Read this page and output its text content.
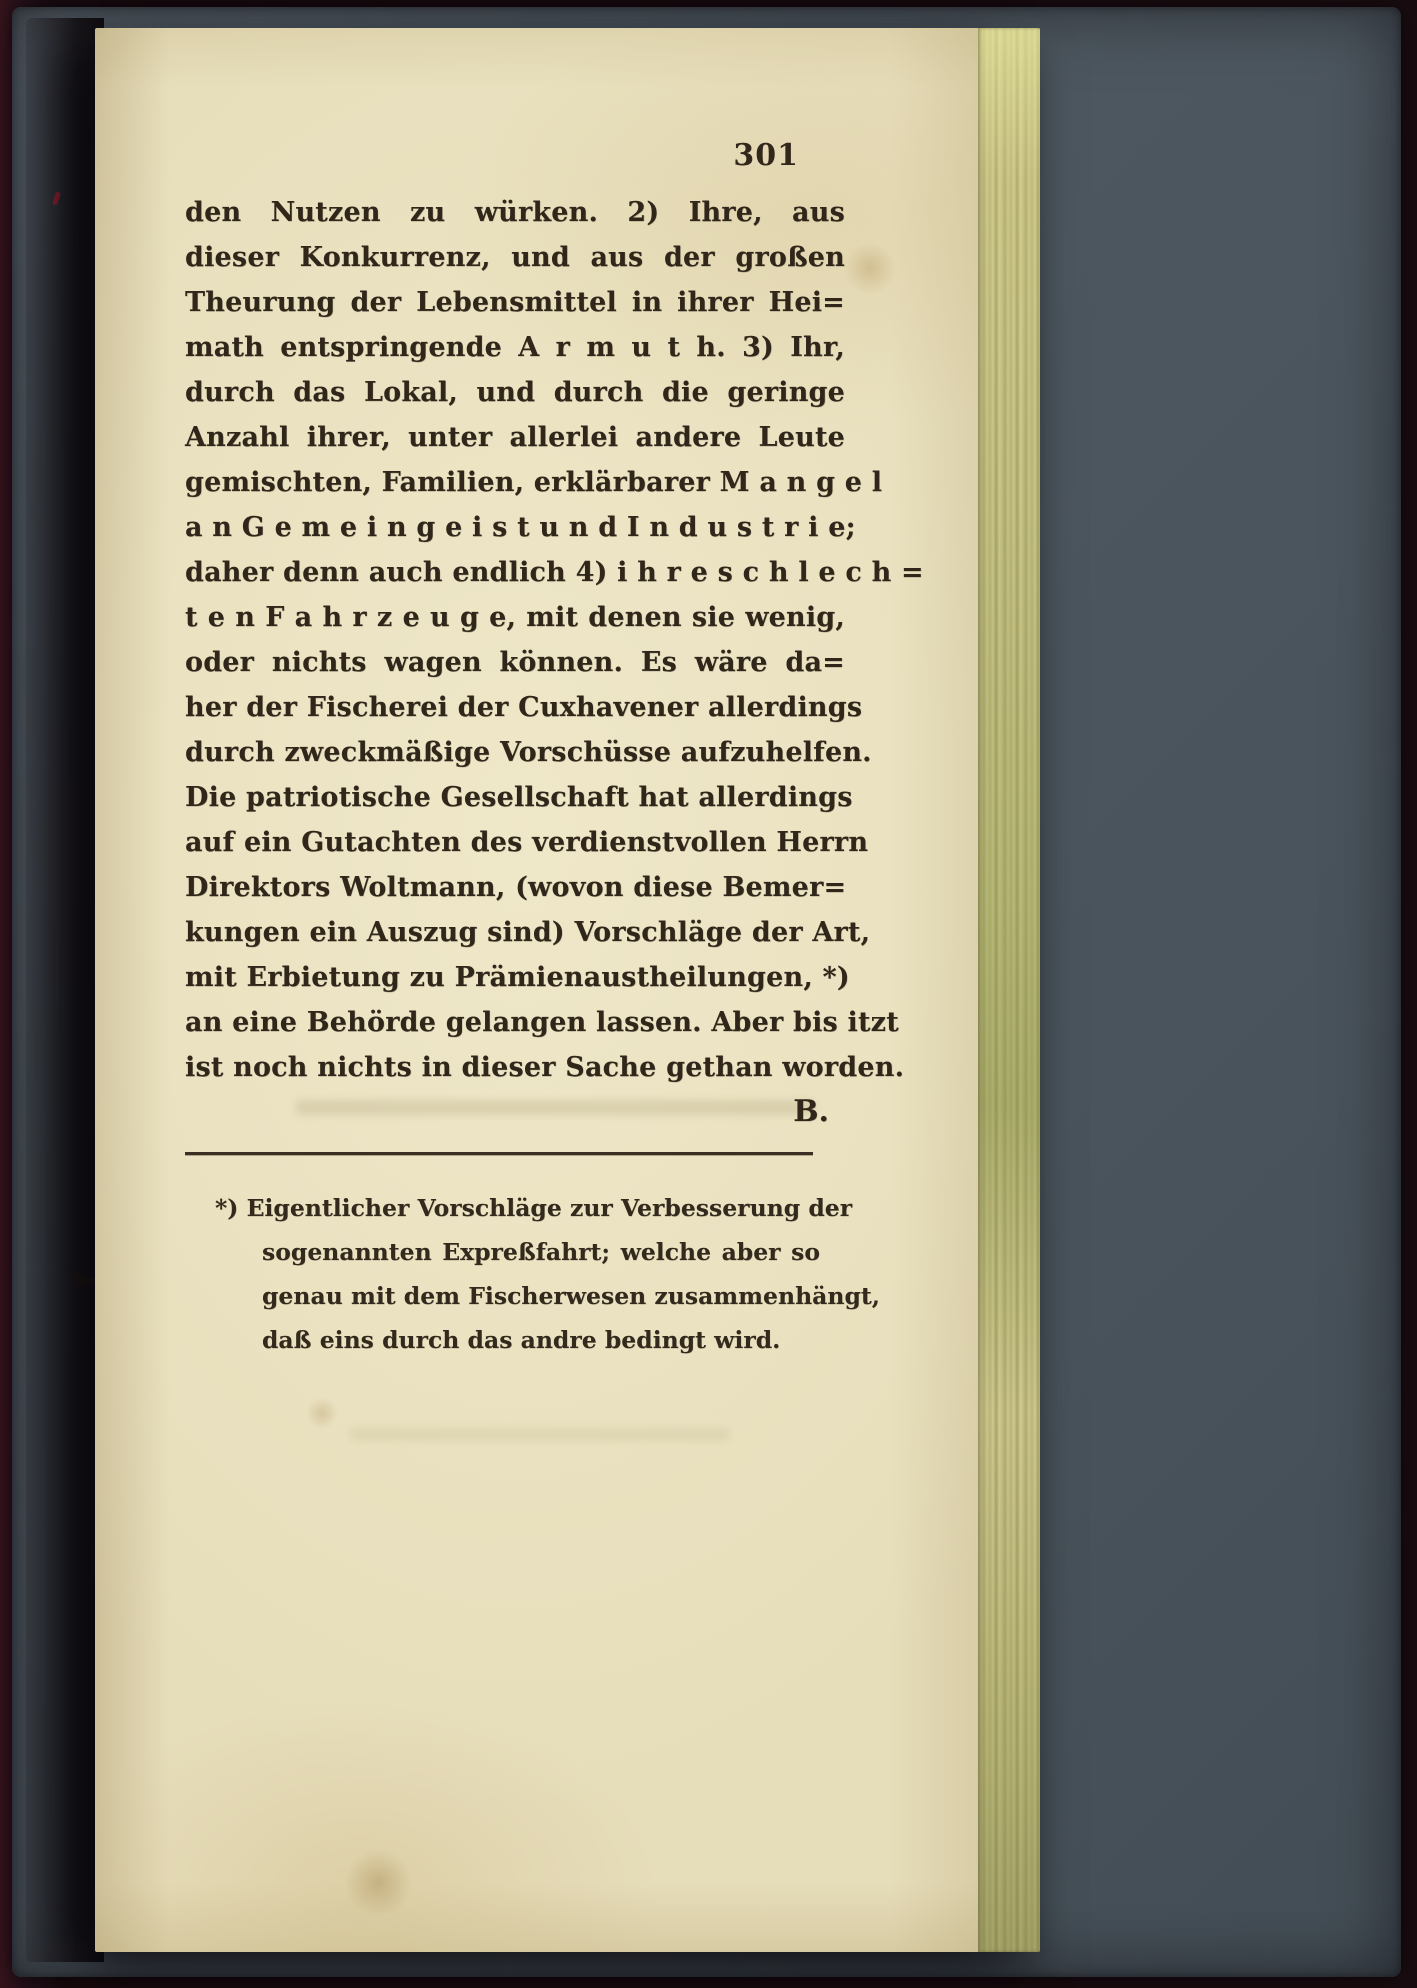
301
den Nutzen zu würken. 2) Ihre, aus
dieser Konkurrenz, und aus der großen
Theurung der Lebensmittel in ihrer Hei=
math entspringende A r m u t h. 3) Ihr,
durch das Lokal, und durch die geringe
Anzahl ihrer, unter allerlei andere Leute
gemischten, Familien, erklärbarer M a n g e l
a n G e m e i n g e i s t u n d I n d u s t r i e;
daher denn auch endlich 4) i h r e s c h l e c h =
t e n F a h r z e u g e, mit denen sie wenig,
oder nichts wagen können. Es wäre da=
her der Fischerei der Cuxhavener allerdings
durch zweckmäßige Vorschüsse aufzuhelfen.
Die patriotische Gesellschaft hat allerdings
auf ein Gutachten des verdienstvollen Herrn
Direktors Woltmann, (wovon diese Bemer=
kungen ein Auszug sind) Vorschläge der Art,
mit Erbietung zu Prämienaustheilungen, *)
an eine Behörde gelangen lassen. Aber bis itzt
ist noch nichts in dieser Sache gethan worden.
B.
*) Eigentlicher Vorschläge zur Verbesserung der
sogenannten Expreßfahrt; welche aber so
genau mit dem Fischerwesen zusammenhängt,
daß eins durch das andre bedingt wird.
